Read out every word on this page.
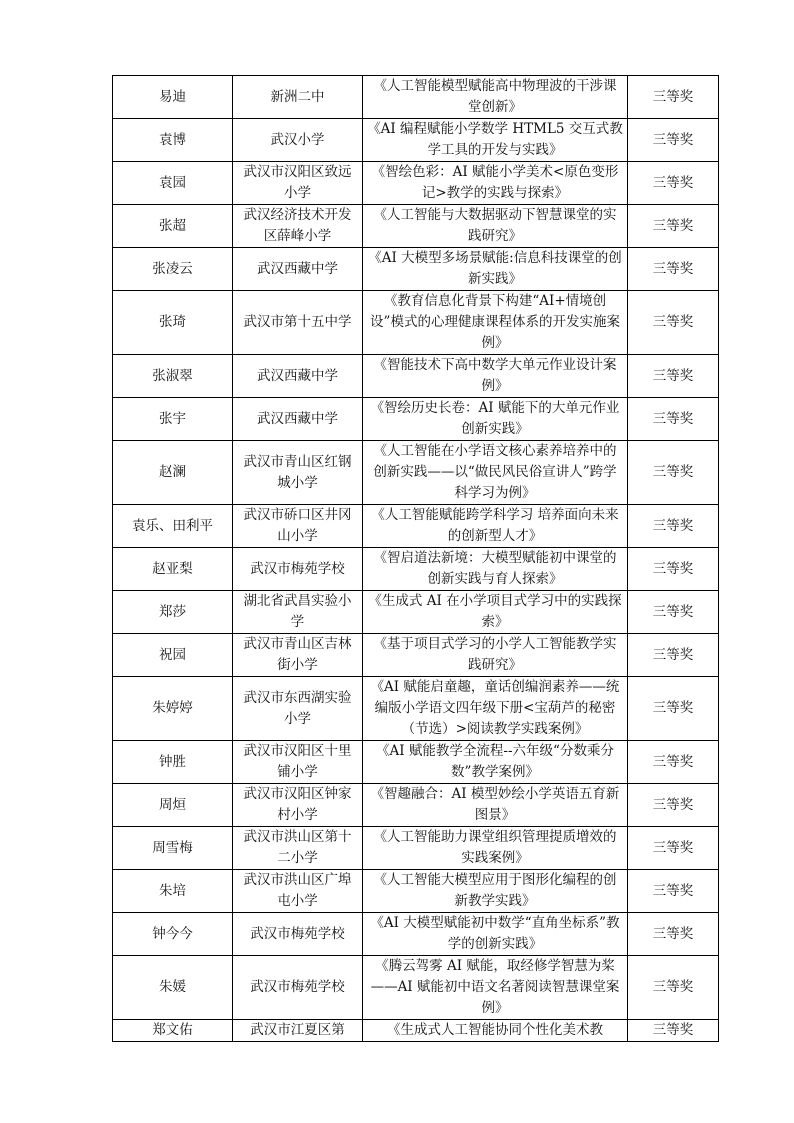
易迪	新洲二中	《人工智能模型赋能高中物理波的干涉课堂创新》	三等奖
袁博	武汉小学	《AI 编程赋能小学数学 HTML5 交互式教学工具的开发与实践》	三等奖
袁园	武汉市汉阳区致远小学	《智绘色彩：AI 赋能小学美术<原色变形记>教学的实践与探索》	三等奖
张超	武汉经济技术开发区薛峰小学	《人工智能与大数据驱动下智慧课堂的实践研究》	三等奖
张凌云	武汉西藏中学	《AI 大模型多场景赋能:信息科技课堂的创新实践》	三等奖
张琦	武汉市第十五中学	《教育信息化背景下构建“AI+情境创设”模式的心理健康课程体系的开发实施案例》	三等奖
张淑翠	武汉西藏中学	《智能技术下高中数学大单元作业设计案例》	三等奖
张宇	武汉西藏中学	《智绘历史长卷：AI 赋能下的大单元作业创新实践》	三等奖
赵澜	武汉市青山区红钢城小学	《人工智能在小学语文核心素养培养中的创新实践——以“做民风民俗宣讲人”跨学科学习为例》	三等奖
袁乐、田利平	武汉市硚口区井冈山小学	《人工智能赋能跨学科学习 培养面向未来的创新型人才》	三等奖
赵亚梨	武汉市梅苑学校	《智启道法新境：大模型赋能初中课堂的创新实践与育人探索》	三等奖
郑莎	湖北省武昌实验小学	《生成式 AI 在小学项目式学习中的实践探索》	三等奖
祝园	武汉市青山区吉林街小学	《基于项目式学习的小学人工智能教学实践研究》	三等奖
朱婷婷	武汉市东西湖实验小学	《AI 赋能启童趣，童话创编润素养——统编版小学语文四年级下册<宝葫芦的秘密（节选）>阅读教学实践案例》	三等奖
钟胜	武汉市汉阳区十里铺小学	《AI 赋能教学全流程--六年级“分数乘分数”教学案例》	三等奖
周烜	武汉市汉阳区钟家村小学	《智趣融合：AI 模型妙绘小学英语五育新图景》	三等奖
周雪梅	武汉市洪山区第十二小学	《人工智能助力课堂组织管理提质增效的实践案例》	三等奖
朱培	武汉市洪山区广埠屯小学	《人工智能大模型应用于图形化编程的创新教学实践》	三等奖
钟今今	武汉市梅苑学校	《AI 大模型赋能初中数学“直角坐标系”教学的创新实践》	三等奖
朱媛	武汉市梅苑学校	《腾云驾雾 AI 赋能，取经修学智慧为桨——AI 赋能初中语文名著阅读智慧课堂案例》	三等奖
郑文佑	武汉市江夏区第	《生成式人工智能协同个性化美术教	三等奖
